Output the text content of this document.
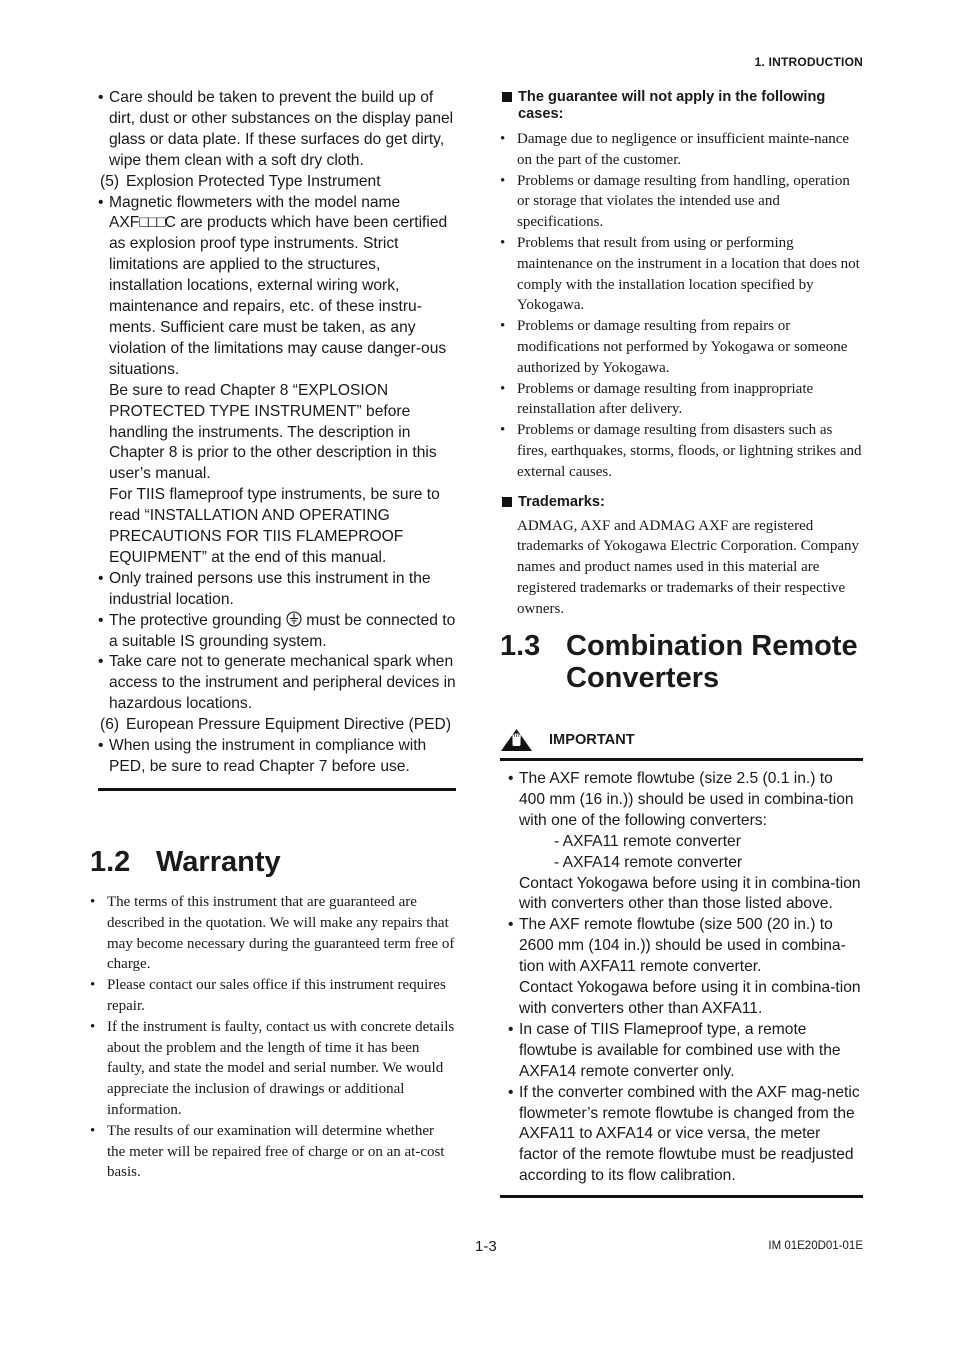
1. INTRODUCTION
• Care should be taken to prevent the build up of dirt, dust or other substances on the display panel glass or data plate. If these surfaces do get dirty, wipe them clean with a soft dry cloth.
(5) Explosion Protected Type Instrument
• Magnetic flowmeters with the model name AXF□□□C are products which have been certified as explosion proof type instruments. Strict limitations are applied to the structures, installation locations, external wiring work, maintenance and repairs, etc. of these instru-ments. Sufficient care must be taken, as any violation of the limitations may cause danger-ous situations.
Be sure to read Chapter 8 “EXPLOSION PROTECTED TYPE INSTRUMENT” before handling the instruments. The description in Chapter 8 is prior to the other description in this user’s manual.
For TIIS flameproof type instruments, be sure to read “INSTALLATION AND OPERATING PRECAUTIONS FOR TIIS FLAMEPROOF EQUIPMENT” at the end of this manual.
• Only trained persons use this instrument in the industrial location.
• The protective grounding must be connected to a suitable IS grounding system.
• Take care not to generate mechanical spark when access to the instrument and peripheral devices in hazardous locations.
(6) European Pressure Equipment Directive (PED)
• When using the instrument in compliance with PED, be sure to read Chapter 7 before use.
1.2 Warranty
• The terms of this instrument that are guaranteed are described in the quotation. We will make any repairs that may become necessary during the guaranteed term free of charge.
• Please contact our sales office if this instrument requires repair.
• If the instrument is faulty, contact us with concrete details about the problem and the length of time it has been faulty, and state the model and serial number. We would appreciate the inclusion of drawings or additional information.
• The results of our examination will determine whether the meter will be repaired free of charge or on an at-cost basis.
The guarantee will not apply in the following cases:
• Damage due to negligence or insufficient mainte-nance on the part of the customer.
• Problems or damage resulting from handling, operation or storage that violates the intended use and specifications.
• Problems that result from using or performing maintenance on the instrument in a location that does not comply with the installation location specified by Yokogawa.
• Problems or damage resulting from repairs or modifications not performed by Yokogawa or someone authorized by Yokogawa.
• Problems or damage resulting from inappropriate reinstallation after delivery.
• Problems or damage resulting from disasters such as fires, earthquakes, storms, floods, or lightning strikes and external causes.
Trademarks:
ADMAG, AXF and ADMAG AXF are registered trademarks of Yokogawa Electric Corporation. Company names and product names used in this material are registered trademarks or trademarks of their respective owners.
1.3 Combination Remote
Converters
IMPORTANT
• The AXF remote flowtube (size 2.5 (0.1 in.) to 400 mm (16 in.)) should be used in combina-tion with one of the following converters:
- AXFA11 remote converter
- AXFA14 remote converter
Contact Yokogawa before using it in combina-tion with converters other than those listed above.
• The AXF remote flowtube (size 500 (20 in.) to 2600 mm (104 in.)) should be used in combina-tion with AXFA11 remote converter.
Contact Yokogawa before using it in combina-tion with converters other than AXFA11.
• In case of TIIS Flameproof type, a remote flowtube is available for combined use with the AXFA14 remote converter only.
• If the converter combined with the AXF mag-netic flowmeter’s remote flowtube is changed from the AXFA11 to AXFA14 or vice versa, the meter factor of the remote flowtube must be readjusted according to its flow calibration.
1-3	IM 01E20D01-01E
